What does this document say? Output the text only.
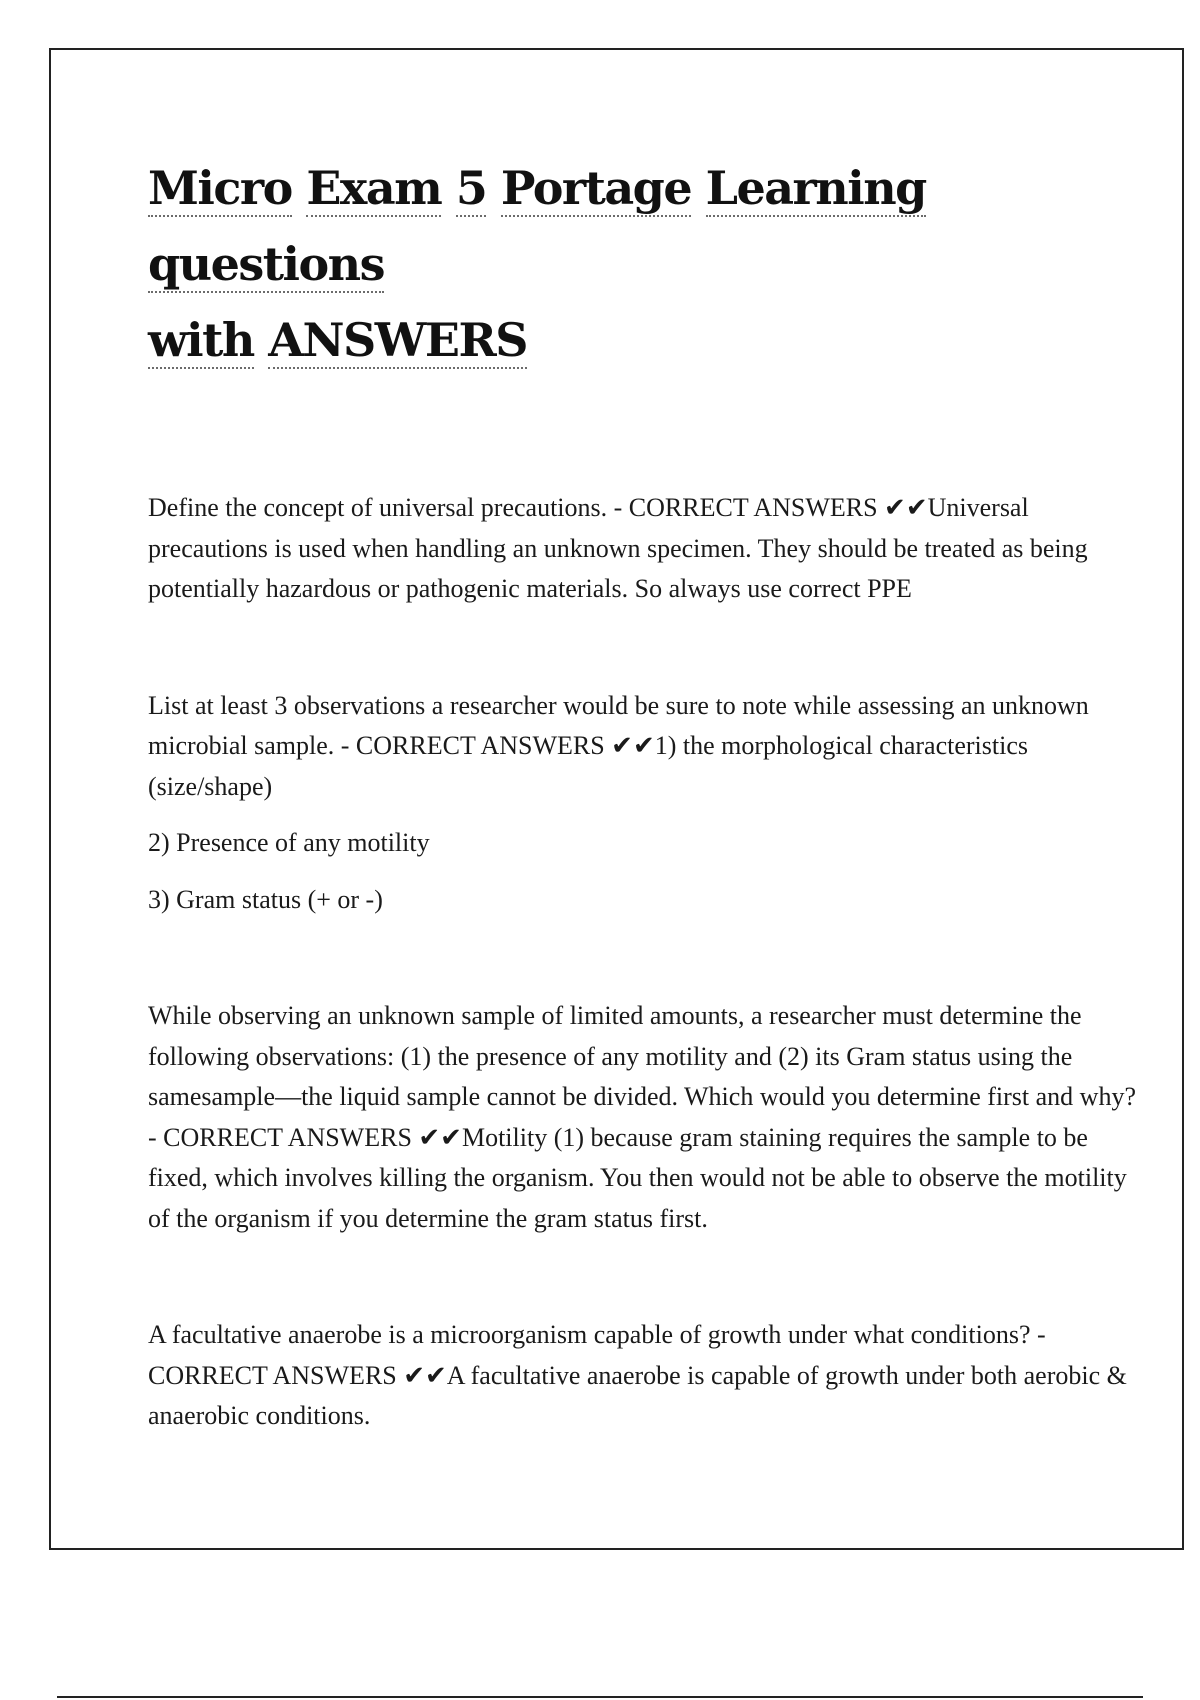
Micro Exam 5 Portage Learning questions
with ANSWERS

Define the concept of universal precautions. - CORRECT ANSWERS ✔✔Universal precautions is used when handling an unknown specimen. They should be treated as being potentially hazardous or pathogenic materials. So always use correct PPE

List at least 3 observations a researcher would be sure to note while assessing an unknown microbial sample. - CORRECT ANSWERS ✔✔1) the morphological characteristics (size/shape)

2) Presence of any motility

3) Gram status (+ or -)

While observing an unknown sample of limited amounts, a researcher must determine the following observations: (1) the presence of any motility and (2) its Gram status using the samesample—the liquid sample cannot be divided. Which would you determine first and why? - CORRECT ANSWERS ✔✔Motility (1) because gram staining requires the sample to be fixed, which involves killing the organism. You then would not be able to observe the motility of the organism if you determine the gram status first.

A facultative anaerobe is a microorganism capable of growth under what conditions? - CORRECT ANSWERS ✔✔A facultative anaerobe is capable of growth under both aerobic & anaerobic conditions.
